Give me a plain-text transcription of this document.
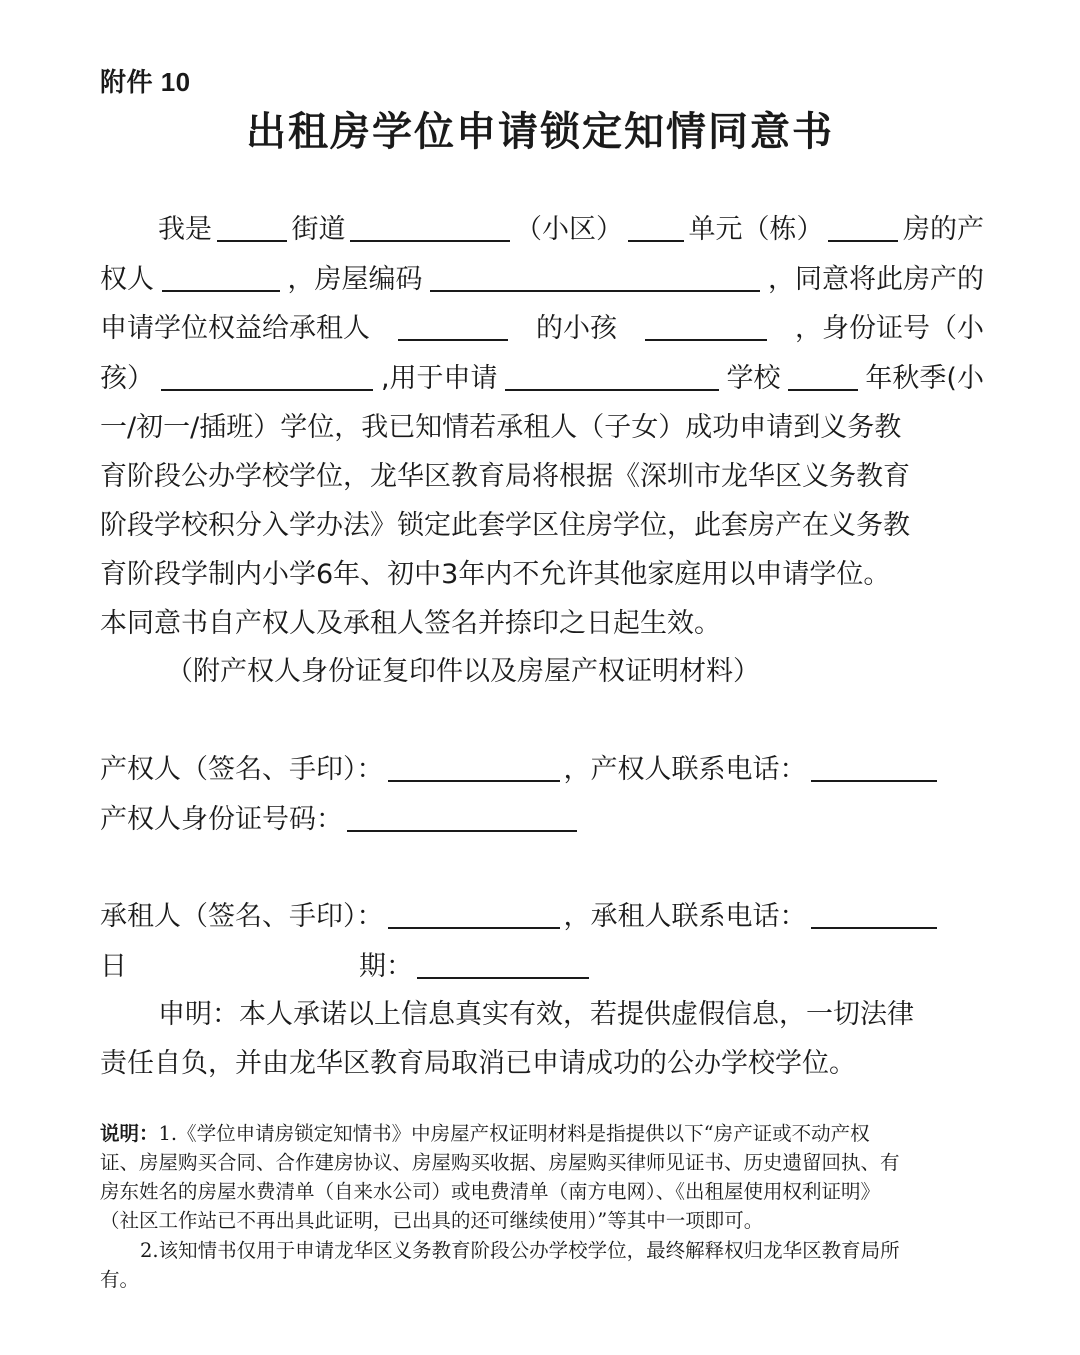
附件 10
出租房学位申请锁定知情同意书
我是	街道	（小区） 单元（栋）	房的产
权人	，房屋编码	，同意将此房产的
申请学位权益给承租人	的小孩	，身份证号（小
孩）	,用于申请	学校	年秋季(小
一/初一/插班）学位，我已知情若承租人（子女）成功申请到义务教
育阶段公办学校学位，龙华区教育局将根据《深圳市龙华区义务教育
阶段学校积分入学办法》锁定此套学区住房学位，此套房产在义务教
育阶段学制内小学6年、初中3年内不允许其他家庭用以申请学位。
本同意书自产权人及承租人签名并捺印之日起生效。
（附产权人身份证复印件以及房屋产权证明材料）
产权人（签名、手印）：	，产权人联系电话：
产权人身份证号码：
承租人（签名、手印）：	，承租人联系电话：
日	期：
申明：本人承诺以上信息真实有效，若提供虚假信息，一切法律
责任自负，并由龙华区教育局取消已申请成功的公办学校学位。
说明：1.《学位申请房锁定知情书》中房屋产权证明材料是指提供以下“房产证或不动产权
证、房屋购买合同、合作建房协议、房屋购买收据、房屋购买律师见证书、历史遗留回执、有
房东姓名的房屋水费清单（自来水公司）或电费清单（南方电网）、《出租屋使用权利证明》
（社区工作站已不再出具此证明，已出具的还可继续使用）”等其中一项即可。
2.该知情书仅用于申请龙华区义务教育阶段公办学校学位，最终解释权归龙华区教育局所
有。
